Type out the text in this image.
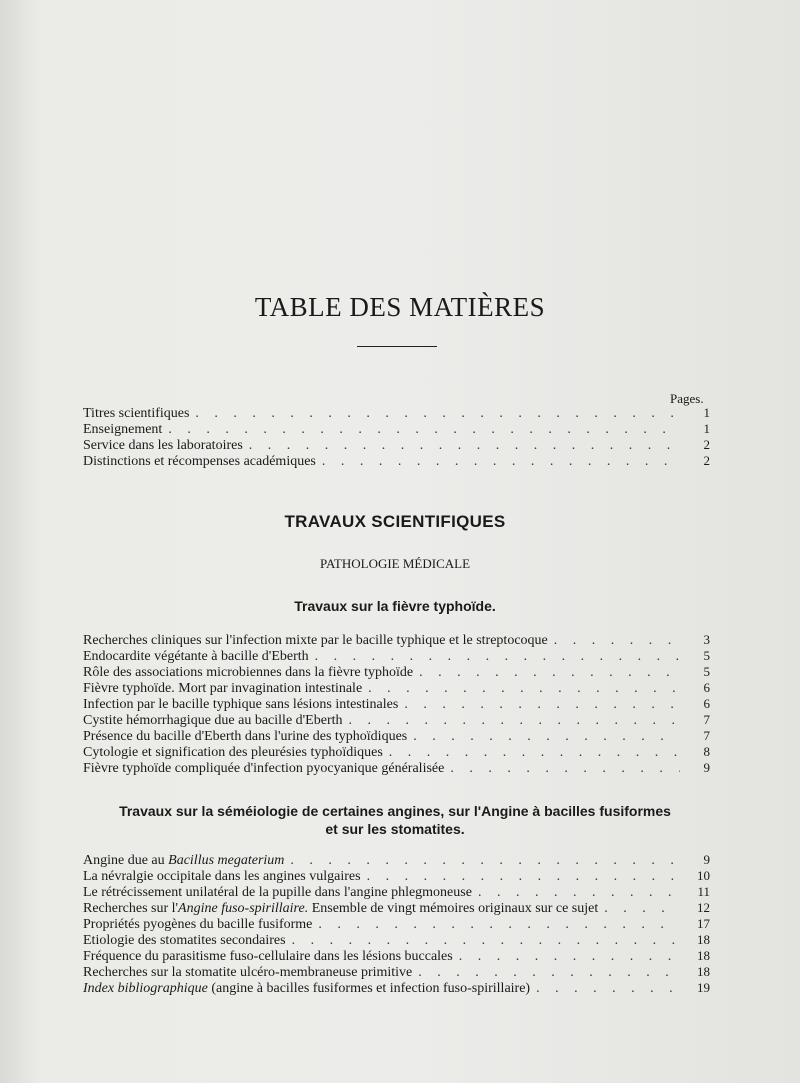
TABLE DES MATIÈRES
Pages.
Titres scientifiques . . .	1
Enseignement . . .	1
Service dans les laboratoires . . .	2
Distinctions et récompenses académiques . . .	2
TRAVAUX SCIENTIFIQUES
PATHOLOGIE MÉDICALE
Travaux sur la fièvre typhoïde.
Recherches cliniques sur l'infection mixte par le bacille typhique et le streptocoque . . .	3
Endocardite végétante à bacille d'Eberth . . .	5
Rôle des associations microbiennes dans la fièvre typhoïde . . .	5
Fièvre typhoïde. Mort par invagination intestinale . . .	6
Infection par le bacille typhique sans lésions intestinales . . .	6
Cystite hémorrhagique due au bacille d'Eberth . . .	7
Présence du bacille d'Eberth dans l'urine des typhoïdiques . . .	7
Cytologie et signification des pleurésies typhoïdiques . . .	8
Fièvre typhoïde compliquée d'infection pyocyanique généralisée . . .	9
Travaux sur la séméiologie de certaines angines, sur l'Angine à bacilles fusiformes
et sur les stomatites.
Angine due au Bacillus megaterium . . .	9
La névralgie occipitale dans les angines vulgaires . . .	10
Le rétrécissement unilatéral de la pupille dans l'angine phlegmoneuse . . .	11
Recherches sur l'Angine fuso-spirillaire. Ensemble de vingt mémoires originaux sur ce sujet . . .	12
Propriétés pyogènes du bacille fusiforme . . .	17
Etiologie des stomatites secondaires . . .	18
Fréquence du parasitisme fuso-cellulaire dans les lésions buccales . . .	18
Recherches sur la stomatite ulcéro-membraneuse primitive . . .	18
Index bibliographique (angine à bacilles fusiformes et infection fuso-spirillaire) . . .	19
